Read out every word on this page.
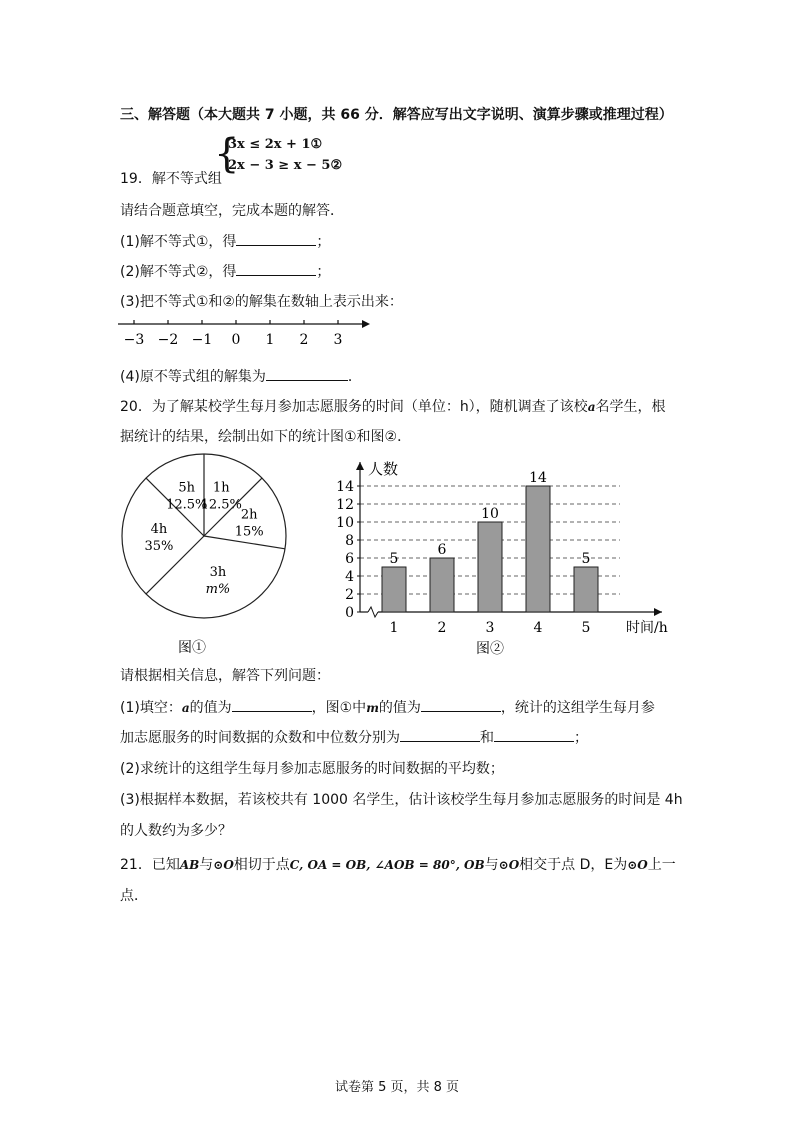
三、解答题（本大题共 7 小题，共 66 分．解答应写出文字说明、演算步骤或推理过程）
{
3x ≤ 2x + 1①
2x − 3 ≥ x − 5②
19．解不等式组
请结合题意填空，完成本题的解答．
(1)解不等式①，得	；
(2)解不等式②，得	；
(3)把不等式①和②的解集在数轴上表示出来：
−3 −2 −1 0 1 2 3
(4)原不等式组的解集为	．
20．为了解某校学生每月参加志愿服务的时间（单位：h），随机调查了该校a名学生，根
据统计的结果，绘制出如下的统计图①和图②．
1h
12.5%
2h
15%
3h
m%
4h
35%
5h
12.5%
图①
0
2
4
6
8
10
12
14
人数
时间/h
5
1
6
2
10
3
14
4
5
5
图②
请根据相关信息，解答下列问题：
(1)填空：a的值为	，图①中m的值为	，统计的这组学生每月参
加志愿服务的时间数据的众数和中位数分别为	和	；
(2)求统计的这组学生每月参加志愿服务的时间数据的平均数；
(3)根据样本数据，若该校共有 1000 名学生，估计该校学生每月参加志愿服务的时间是 4h
的人数约为多少？
21．已知AB与⊙O相切于点C, OA = OB, ∠AOB = 80°, OB与⊙O相交于点 D，E为⊙O上一
点．
试卷第 5 页，共 8 页
